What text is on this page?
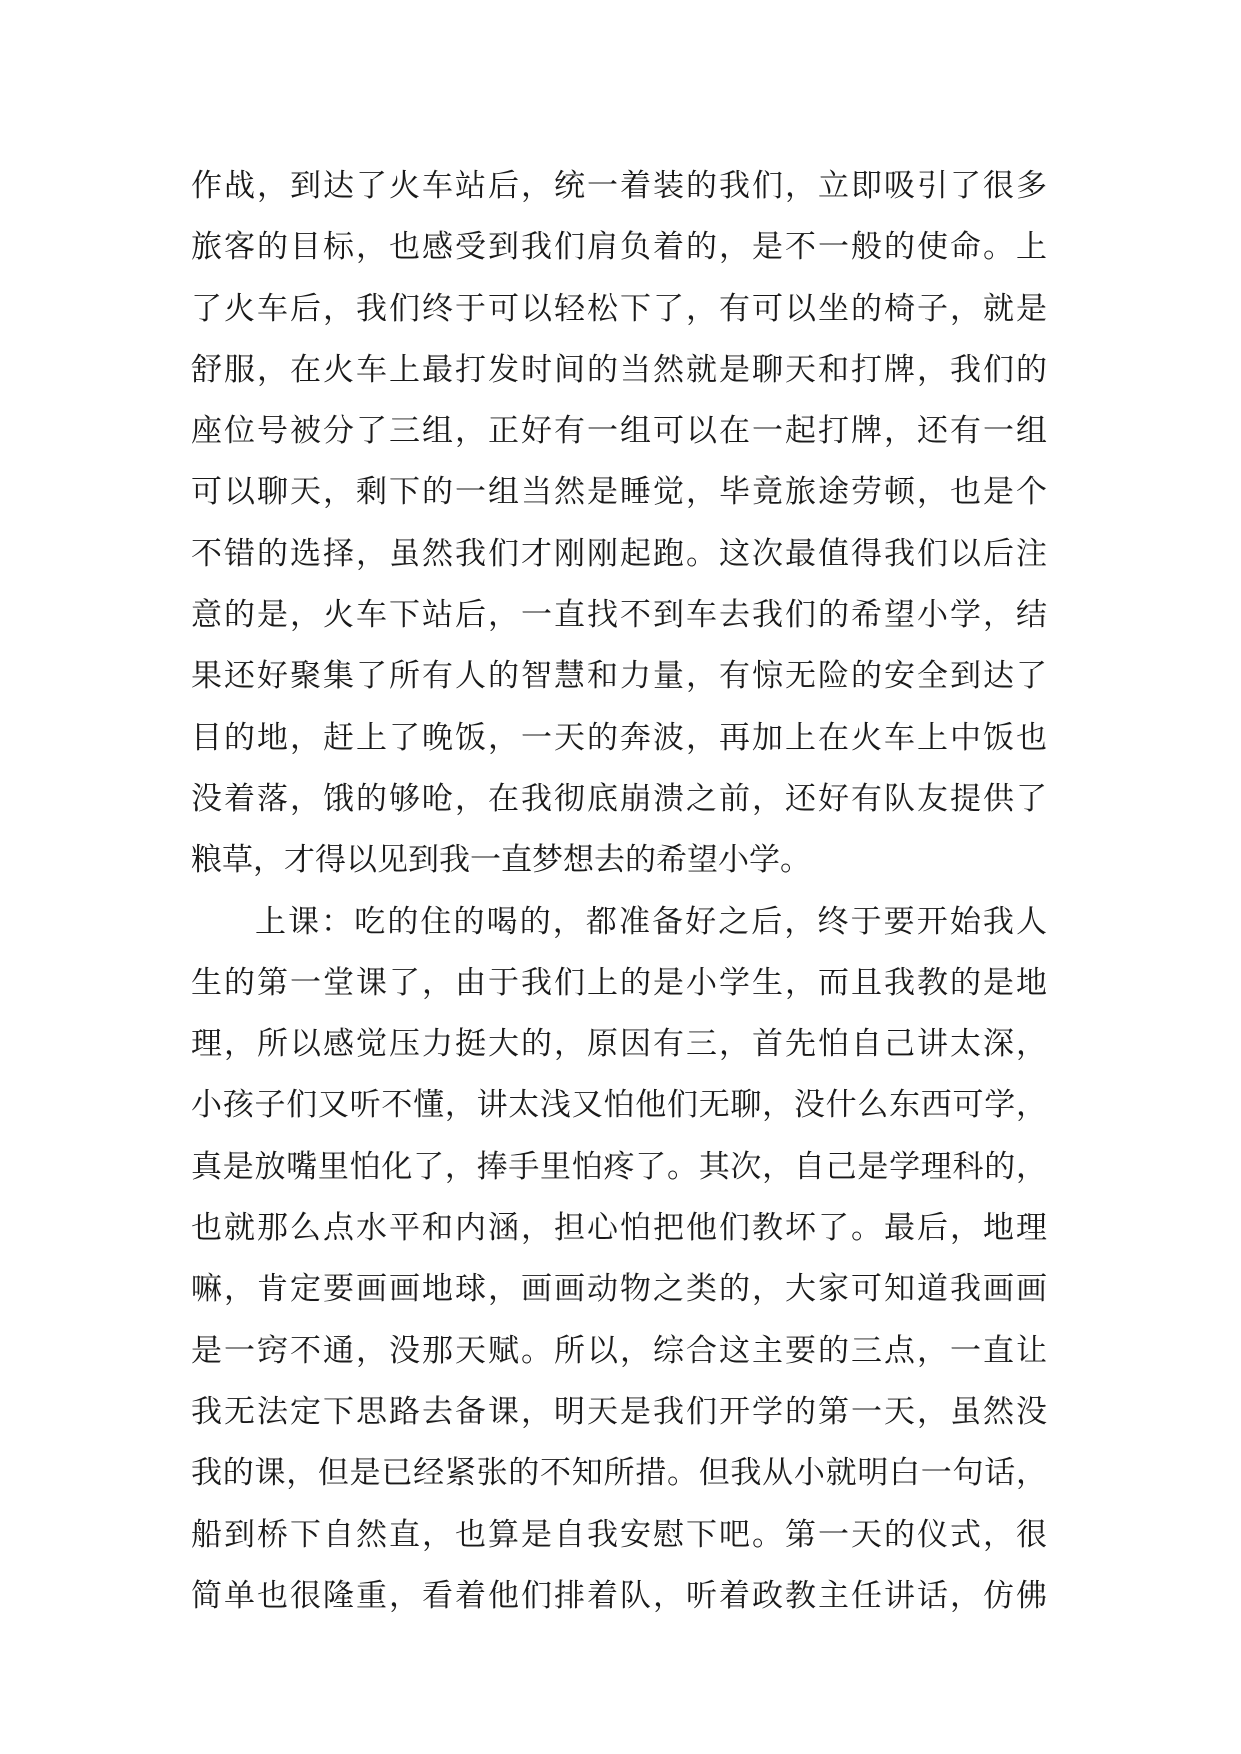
作战，到达了火车站后，统一着装的我们，立即吸引了很多
旅客的目标，也感受到我们肩负着的，是不一般的使命。上
了火车后，我们终于可以轻松下了，有可以坐的椅子，就是
舒服，在火车上最打发时间的当然就是聊天和打牌，我们的
座位号被分了三组，正好有一组可以在一起打牌，还有一组
可以聊天，剩下的一组当然是睡觉，毕竟旅途劳顿，也是个
不错的选择，虽然我们才刚刚起跑。这次最值得我们以后注
意的是，火车下站后，一直找不到车去我们的希望小学，结
果还好聚集了所有人的智慧和力量，有惊无险的安全到达了
目的地，赶上了晚饭，一天的奔波，再加上在火车上中饭也
没着落，饿的够呛，在我彻底崩溃之前，还好有队友提供了
粮草，才得以见到我一直梦想去的希望小学。
上课：吃的住的喝的，都准备好之后，终于要开始我人
生的第一堂课了，由于我们上的是小学生，而且我教的是地
理，所以感觉压力挺大的，原因有三，首先怕自己讲太深，
小孩子们又听不懂，讲太浅又怕他们无聊，没什么东西可学，
真是放嘴里怕化了，捧手里怕疼了。其次，自己是学理科的，
也就那么点水平和内涵，担心怕把他们教坏了。最后，地理
嘛，肯定要画画地球，画画动物之类的，大家可知道我画画
是一窍不通，没那天赋。所以，综合这主要的三点，一直让
我无法定下思路去备课，明天是我们开学的第一天，虽然没
我的课，但是已经紧张的不知所措。但我从小就明白一句话，
船到桥下自然直，也算是自我安慰下吧。第一天的仪式，很
简单也很隆重，看着他们排着队，听着政教主任讲话，仿佛
